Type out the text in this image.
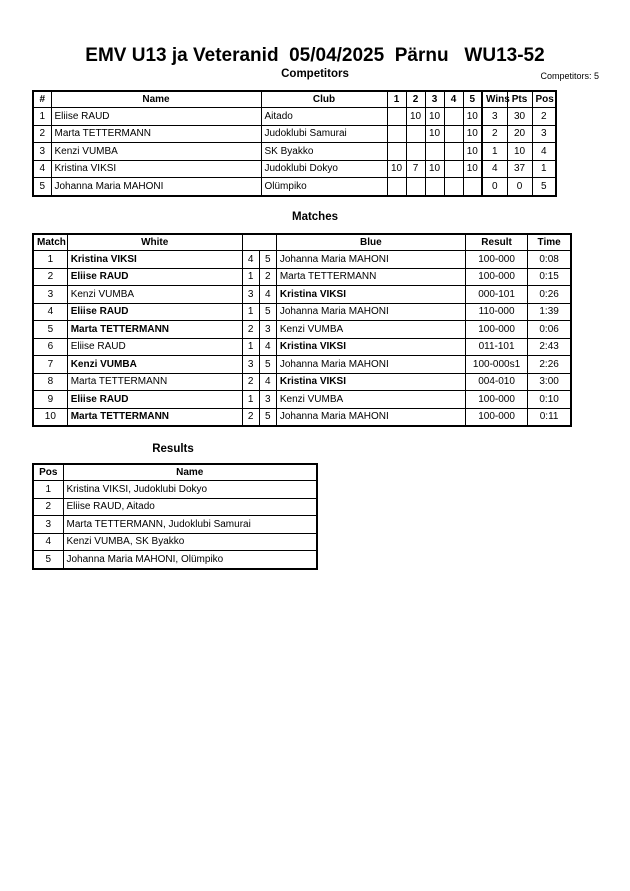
EMV U13 ja Veteranid  05/04/2025  Pärnu   WU13-52
Competitors	Competitors: 5
#	Name	Club	1	2	3	4	5	Wins	Pts	Pos
1	Eliise RAUD	Aitado		10	10		10	3	30	2
2	Marta TETTERMANN	Judoklubi Samurai			10		10	2	20	3
3	Kenzi VUMBA	SK Byakko					10	1	10	4
4	Kristina VIKSI	Judoklubi Dokyo	10	7	10		10	4	37	1
5	Johanna Maria MAHONI	Olümpiko						0	0	5
Matches
Match	White			Blue	Result	Time
1	Kristina VIKSI	4	5	Johanna Maria MAHONI	100-000	0:08
2	Eliise RAUD	1	2	Marta TETTERMANN	100-000	0:15
3	Kenzi VUMBA	3	4	Kristina VIKSI	000-101	0:26
4	Eliise RAUD	1	5	Johanna Maria MAHONI	110-000	1:39
5	Marta TETTERMANN	2	3	Kenzi VUMBA	100-000	0:06
6	Eliise RAUD	1	4	Kristina VIKSI	011-101	2:43
7	Kenzi VUMBA	3	5	Johanna Maria MAHONI	100-000s1	2:26
8	Marta TETTERMANN	2	4	Kristina VIKSI	004-010	3:00
9	Eliise RAUD	1	3	Kenzi VUMBA	100-000	0:10
10	Marta TETTERMANN	2	5	Johanna Maria MAHONI	100-000	0:11
Results
Pos	Name
1	Kristina VIKSI, Judoklubi Dokyo
2	Eliise RAUD, Aitado
3	Marta TETTERMANN, Judoklubi Samurai
4	Kenzi VUMBA, SK Byakko
5	Johanna Maria MAHONI, Olümpiko
